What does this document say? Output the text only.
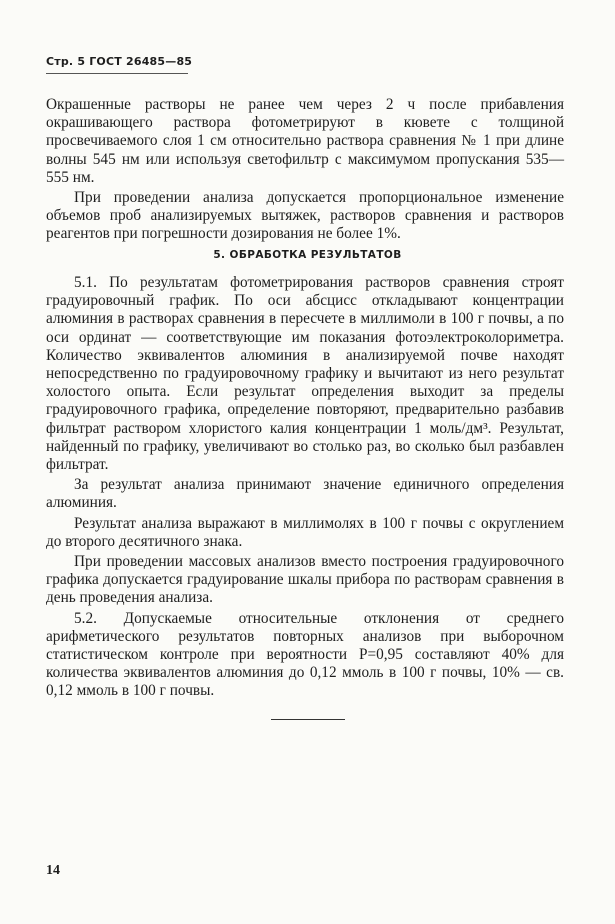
Стр. 5 ГОСТ 26485—85

Окрашенные растворы не ранее чем через 2 ч после прибавления окрашивающего раствора фотометрируют в кювете с толщиной просвечиваемого слоя 1 см относительно раствора сравнения № 1 при длине волны 545 нм или используя светофильтр с максимумом пропускания 535—555 нм.

При проведении анализа допускается пропорциональное изменение объемов проб анализируемых вытяжек, растворов сравнения и растворов реагентов при погрешности дозирования не более 1%.

5. ОБРАБОТКА РЕЗУЛЬТАТОВ

5.1. По результатам фотометрирования растворов сравнения строят градуировочный график. По оси абсцисс откладывают концентрации алюминия в растворах сравнения в пересчете в миллимоли в 100 г почвы, а по оси ординат — соответствующие им показания фотоэлектроколориметра. Количество эквивалентов алюминия в анализируемой почве находят непосредственно по градуировочному графику и вычитают из него результат холостого опыта. Если результат определения выходит за пределы градуировочного графика, определение повторяют, предварительно разбавив фильтрат раствором хлористого калия концентрации 1 моль/дм³. Результат, найденный по графику, увеличивают во столько раз, во сколько был разбавлен фильтрат.

За результат анализа принимают значение единичного определения алюминия.

Результат анализа выражают в миллимолях в 100 г почвы с округлением до второго десятичного знака.

При проведении массовых анализов вместо построения градуировочного графика допускается градуирование шкалы прибора по растворам сравнения в день проведения анализа.

5.2. Допускаемые относительные отклонения от среднего арифметического результатов повторных анализов при выборочном статистическом контроле при вероятности P=0,95 составляют 40% для количества эквивалентов алюминия до 0,12 ммоль в 100 г почвы, 10% — св. 0,12 ммоль в 100 г почвы.

14
